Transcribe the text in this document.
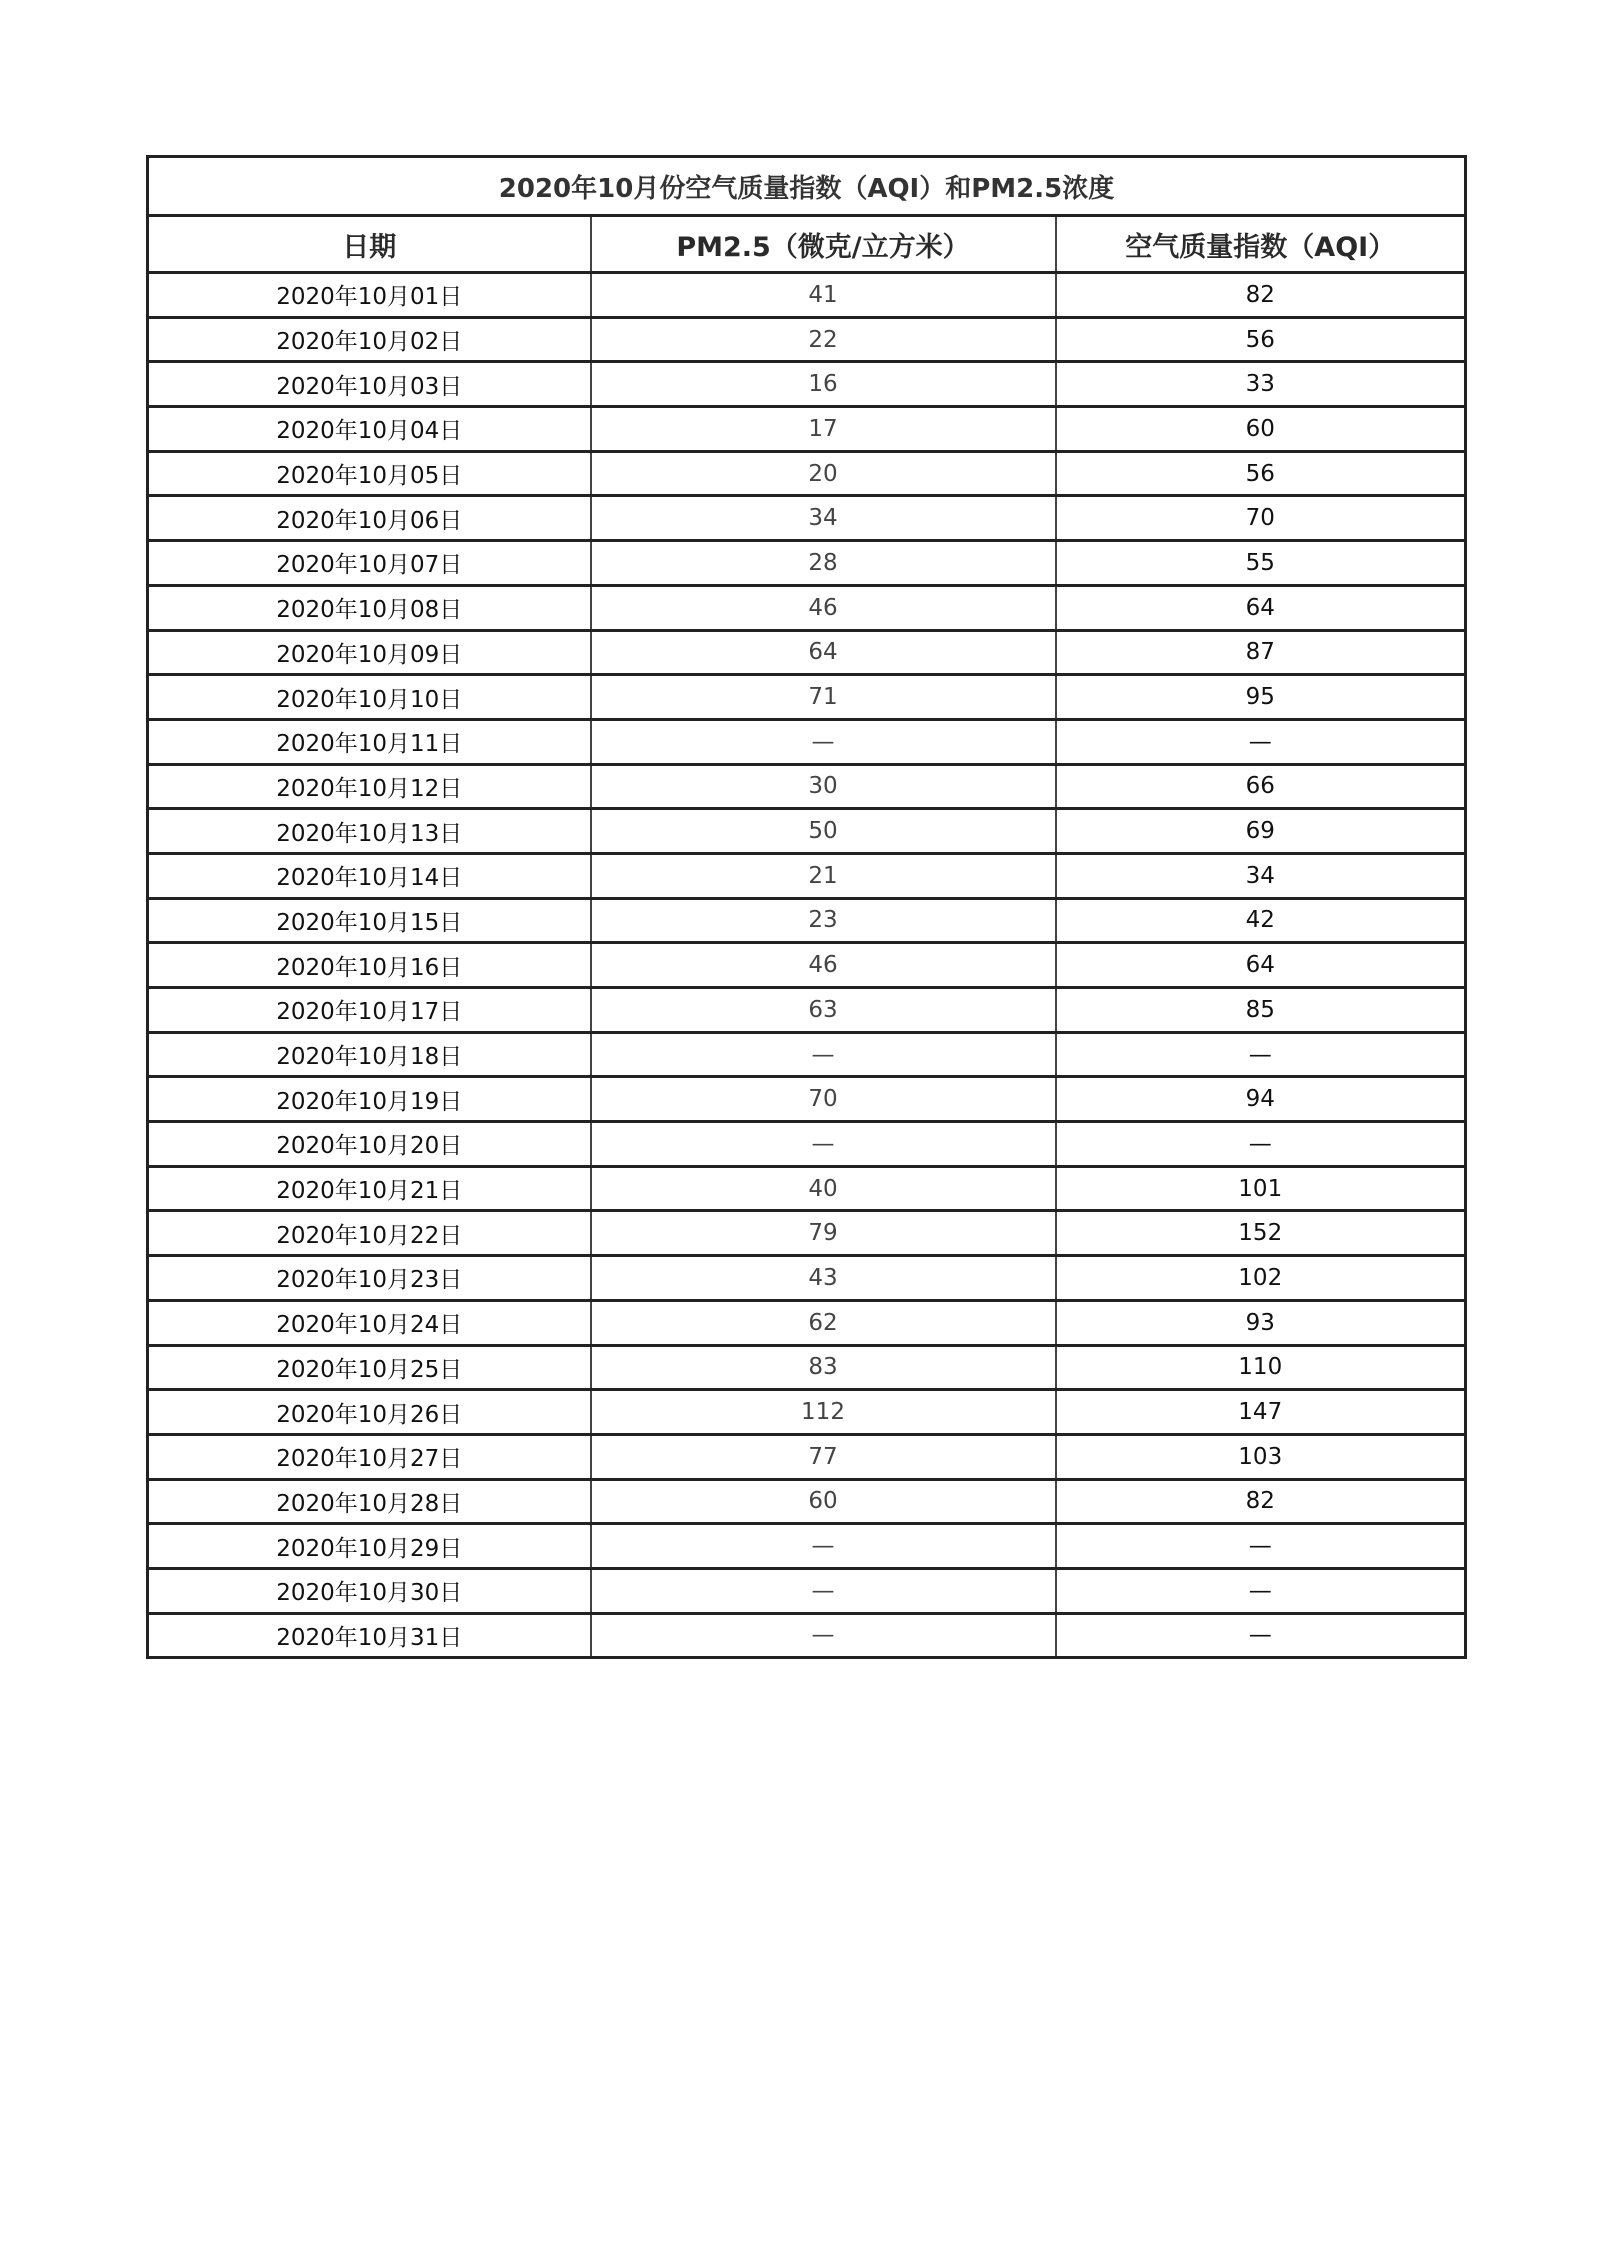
2020年10月份空气质量指数（AQI）和PM2.5浓度		
日期	PM2.5（微克/立方米）	空气质量指数（AQI）
2020年10月01日	41	82
2020年10月02日	22	56
2020年10月03日	16	33
2020年10月04日	17	60
2020年10月05日	20	56
2020年10月06日	34	70
2020年10月07日	28	55
2020年10月08日	46	64
2020年10月09日	64	87
2020年10月10日	71	95
2020年10月11日	—	—
2020年10月12日	30	66
2020年10月13日	50	69
2020年10月14日	21	34
2020年10月15日	23	42
2020年10月16日	46	64
2020年10月17日	63	85
2020年10月18日	—	—
2020年10月19日	70	94
2020年10月20日	—	—
2020年10月21日	40	101
2020年10月22日	79	152
2020年10月23日	43	102
2020年10月24日	62	93
2020年10月25日	83	110
2020年10月26日	112	147
2020年10月27日	77	103
2020年10月28日	60	82
2020年10月29日	—	—
2020年10月30日	—	—
2020年10月31日	—	—
